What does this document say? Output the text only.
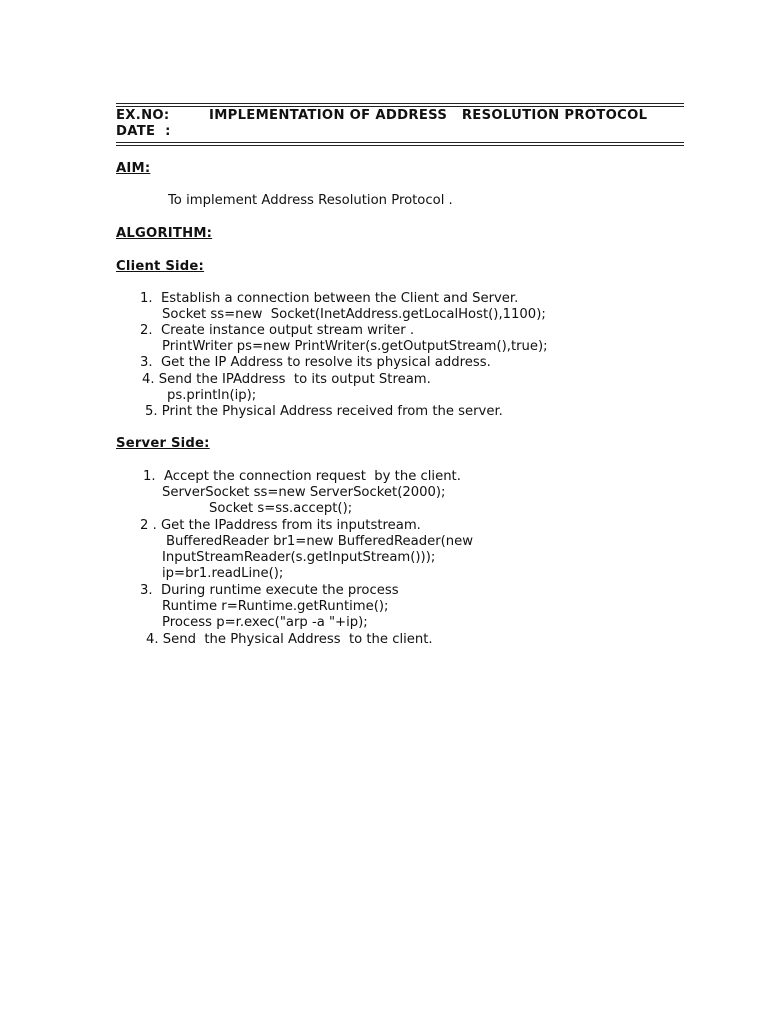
EX.NO:	IMPLEMENTATION OF ADDRESS   RESOLUTION PROTOCOL
DATE  :
AIM:
To implement Address Resolution Protocol .
ALGORITHM:
Client Side:
1.  Establish a connection between the Client and Server.
Socket ss=new  Socket(InetAddress.getLocalHost(),1100);
2.  Create instance output stream writer .
PrintWriter ps=new PrintWriter(s.getOutputStream(),true);
3.  Get the IP Address to resolve its physical address.
4. Send the IPAddress  to its output Stream.
ps.println(ip);
5. Print the Physical Address received from the server.
Server Side:
1.  Accept the connection request  by the client.
ServerSocket ss=new ServerSocket(2000);
Socket s=ss.accept();
2 . Get the IPaddress from its inputstream.
BufferedReader br1=new BufferedReader(new
InputStreamReader(s.getInputStream()));
ip=br1.readLine();
3.  During runtime execute the process
Runtime r=Runtime.getRuntime();
Process p=r.exec("arp -a "+ip);
4. Send  the Physical Address  to the client.
